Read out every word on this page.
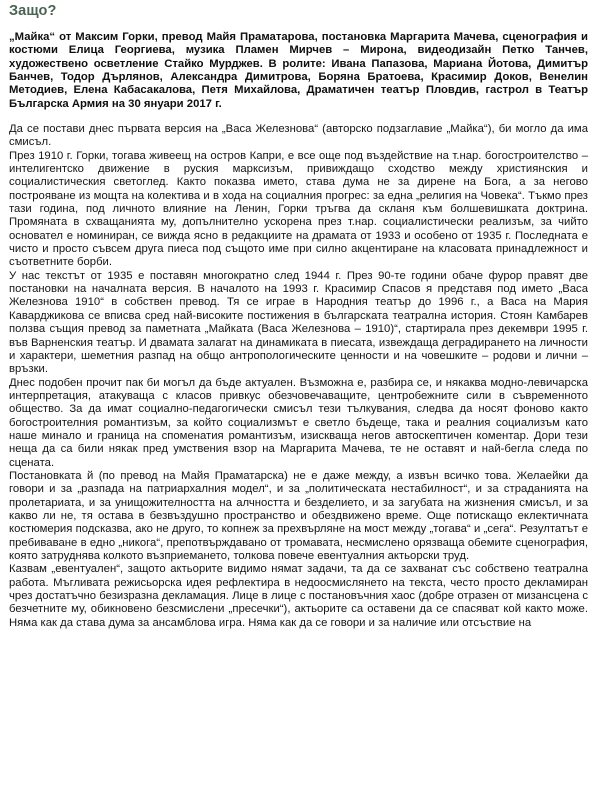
Защо?

„Майка“ от Максим Горки, превод Майя Праматарова, постановка Маргарита Мачева, сценография и костюми Елица Георгиева, музика Пламен Мирчев – Мирона, видеодизайн Петко Танчев, художествено осветление Стайко Мурджев. В ролите: Ивана Папазова, Мариана Йотова, Димитър Банчев, Тодор Дърлянов, Александра Димитрова, Боряна Братоева, Красимир Доков, Венелин Методиев, Елена Кабасакалова, Петя Михайлова, Драматичен театър Пловдив, гастрол в Театър Българска Армия на 30 януари 2017 г.

Да се постави днес първата версия на „Васа Железнова“ (авторско подзаглавие „Майка“), би могло да има смисъл.

През 1910 г. Горки, тогава живеещ на остров Капри, е все още под въздействие на т.нар. богостроителство – интелигентско движение в руския марксизъм, привиждащо сходство между християнския и социалистическия светоглед. Както показва името, става дума не за дирене на Бога, а за негово построяване из мощта на колектива и в хода на социалния прогрес: за една „религия на Човека“. Тъкмо през тази година, под личното влияние на Ленин, Горки тръгва да скланя към болшевишката доктрина. Промяната в схващанията му, допълнително ускорена през т.нар. социалистически реализъм, за чийто основател е номиниран, се вижда ясно в редакциите на драмата от 1933 и особено от 1935 г. Последната е чисто и просто съвсем друга пиеса под същото име при силно акцентиране на класовата принадлежност и съответните борби.

У нас текстът от 1935 е поставян многократно след 1944 г. През 90-те години обаче фурор правят две постановки на началната версия. В началото на 1993 г. Красимир Спасов я представя под името „Васа Железнова 1910“ в собствен превод. Тя се играе в Народния театър до 1996 г., а Васа на Мария Каварджикова се вписва сред най-високите постижения в българската театрална история. Стоян Камбарев ползва същия превод за паметната „Майката (Васа Железнова – 1910)“, стартирала през декември 1995 г. във Варненския театър. И двамата залагат на динамиката в пиесата, извеждаща деградирането на личности и характери, шеметния разпад на общо антропологическите ценности и на човешките – родови и лични – връзки.

Днес подобен прочит пак би могъл да бъде актуален. Възможна е, разбира се, и някаква модно-левичарска интерпретация, атакуваща с класов привкус обезчовечаващите, центробежните сили в съвременното общество. За да имат социално-педагогически смисъл тези тълкувания, следва да носят фоново както богостроителния романтизъм, за който социализмът е светло бъдеще, така и реалния социализъм като наше минало и граница на споменатия романтизъм, изискваща негов автоскептичен коментар. Дори тези неща да са били някак пред умствения взор на Маргарита Мачева, те не оставят и най-бегла следа по сцената.

Постановката й (по превод на Майя Праматарска) не е даже между, а извън всичко това. Желаейки да говори и за „разпада на патриархалния модел“, и за „политическата нестабилност“, и за страданията на пролетариата, и за унищожителността на алчността и безделието, и за загубата на жизнения смисъл, и за какво ли не, тя остава в безвъздушно пространство и обездвижено време. Още потискащо еклектичната костюмерия подсказва, ако не друго, то копнеж за прехвърляне на мост между „тогава“ и „сега“. Резултатът е пребиваване в едно „никога“, препотвърждавано от тромавата, несмислено орязваща обемите сценография, която затруднява колкото възприемането, толкова повече евентуалния актьорски труд.

Казвам „евентуален“, защото актьорите видимо нямат задачи, та да се захванат със собствено театрална работа. Мъгливата режисьорска идея рефлектира в недоосмислянето на текста, често просто декламиран чрез достатъчно безизразна декламация. Лице в лице с постановъчния хаос (добре отразен от мизансцена с безчетните му, обикновено безсмислени „пресечки“), актьорите са оставени да се спасяват кой както може. Няма как да става дума за ансамблова игра. Няма как да се говори и за наличие или отсъствие на
